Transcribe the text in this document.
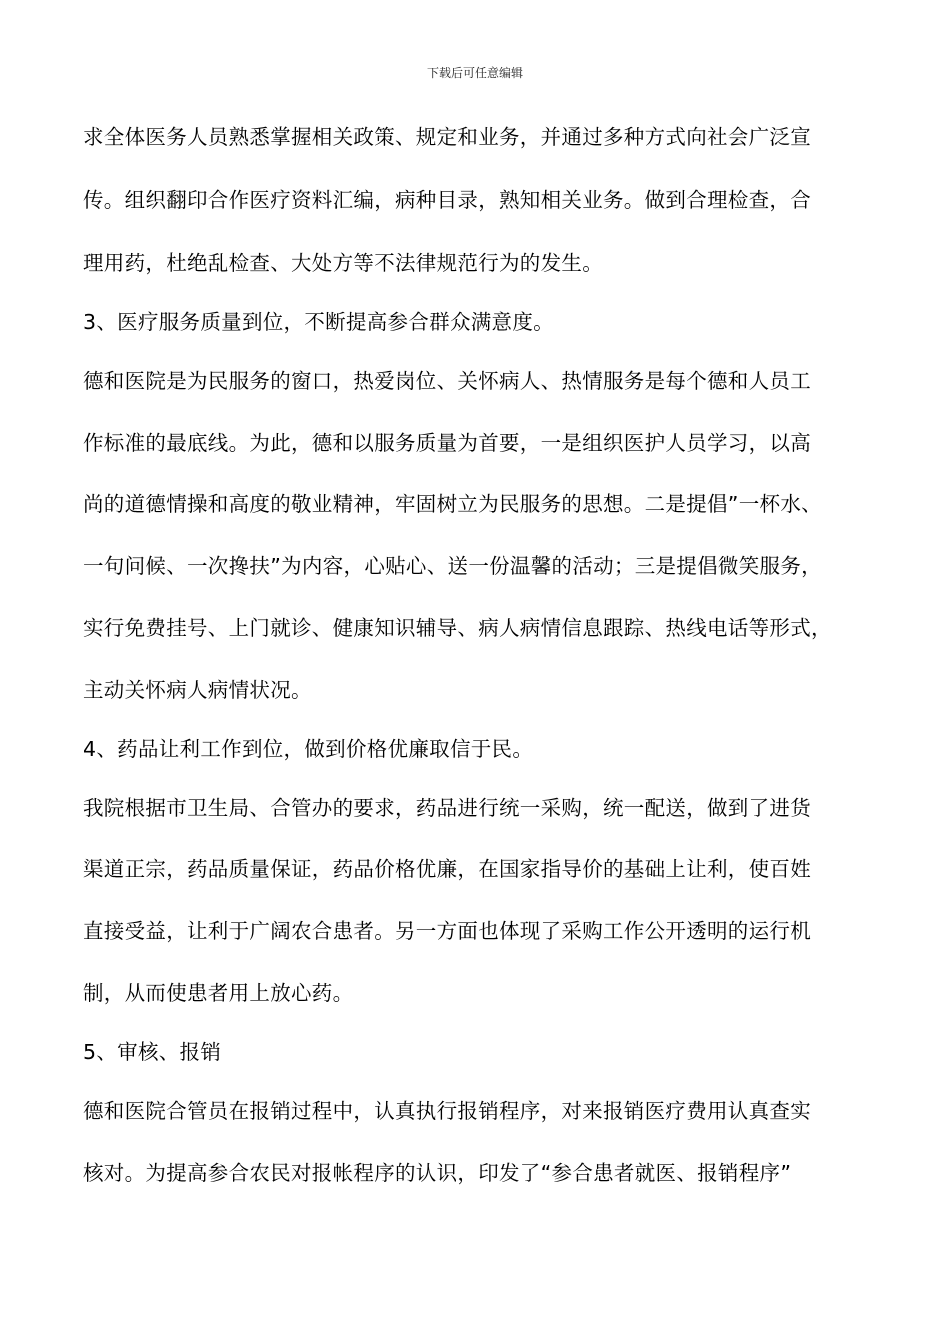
下载后可任意编辑
求全体医务人员熟悉掌握相关政策、规定和业务，并通过多种方式向社会广泛宣
传。组织翻印合作医疗资料汇编，病种目录，熟知相关业务。做到合理检查，合
理用药，杜绝乱检查、大处方等不法律规范行为的发生。
3、医疗服务质量到位，不断提高参合群众满意度。
德和医院是为民服务的窗口，热爱岗位、关怀病人、热情服务是每个德和人员工
作标准的最底线。为此，德和以服务质量为首要，一是组织医护人员学习，以高
尚的道德情操和高度的敬业精神，牢固树立为民服务的思想。二是提倡”一杯水、
一句问候、一次搀扶”为内容，心贴心、送一份温馨的活动；三是提倡微笑服务，
实行免费挂号、上门就诊、健康知识辅导、病人病情信息跟踪、热线电话等形式，
主动关怀病人病情状况。
4、药品让利工作到位，做到价格优廉取信于民。
我院根据市卫生局、合管办的要求，药品进行统一采购，统一配送，做到了进货
渠道正宗，药品质量保证，药品价格优廉，在国家指导价的基础上让利，使百姓
直接受益，让利于广阔农合患者。另一方面也体现了采购工作公开透明的运行机
制，从而使患者用上放心药。
5、审核、报销
德和医院合管员在报销过程中，认真执行报销程序，对来报销医疗费用认真查实
核对。为提高参合农民对报帐程序的认识，印发了“参合患者就医、报销程序”
